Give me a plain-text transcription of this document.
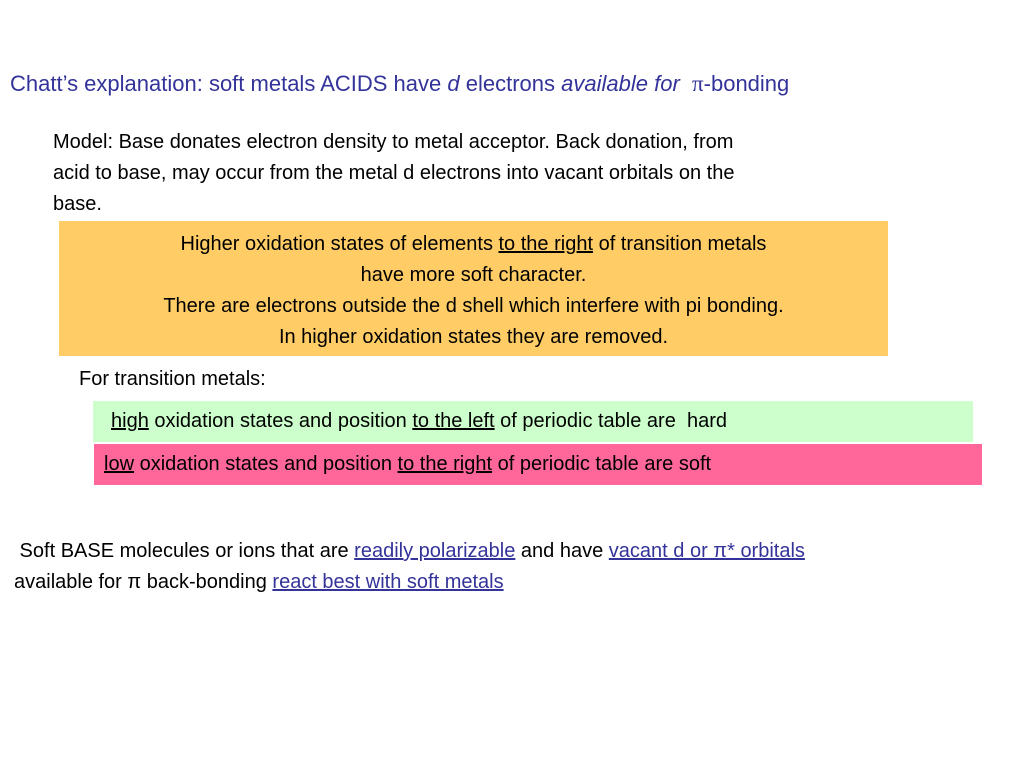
Chatt’s explanation: soft metals ACIDS have d electrons available for π-bonding
Model: Base donates electron density to metal acceptor. Back donation, from
acid to base, may occur from the metal d electrons into vacant orbitals on the
base.
Higher oxidation states of elements to the right of transition metals
have more soft character.
There are electrons outside the d shell which interfere with pi bonding.
In higher oxidation states they are removed.
For transition metals:
high oxidation states and position to the left of periodic table are  hard
low oxidation states and position to the right of periodic table are soft
Soft BASE molecules or ions that are readily polarizable and have vacant d or π* orbitals
available for π back-bonding react best with soft metals
